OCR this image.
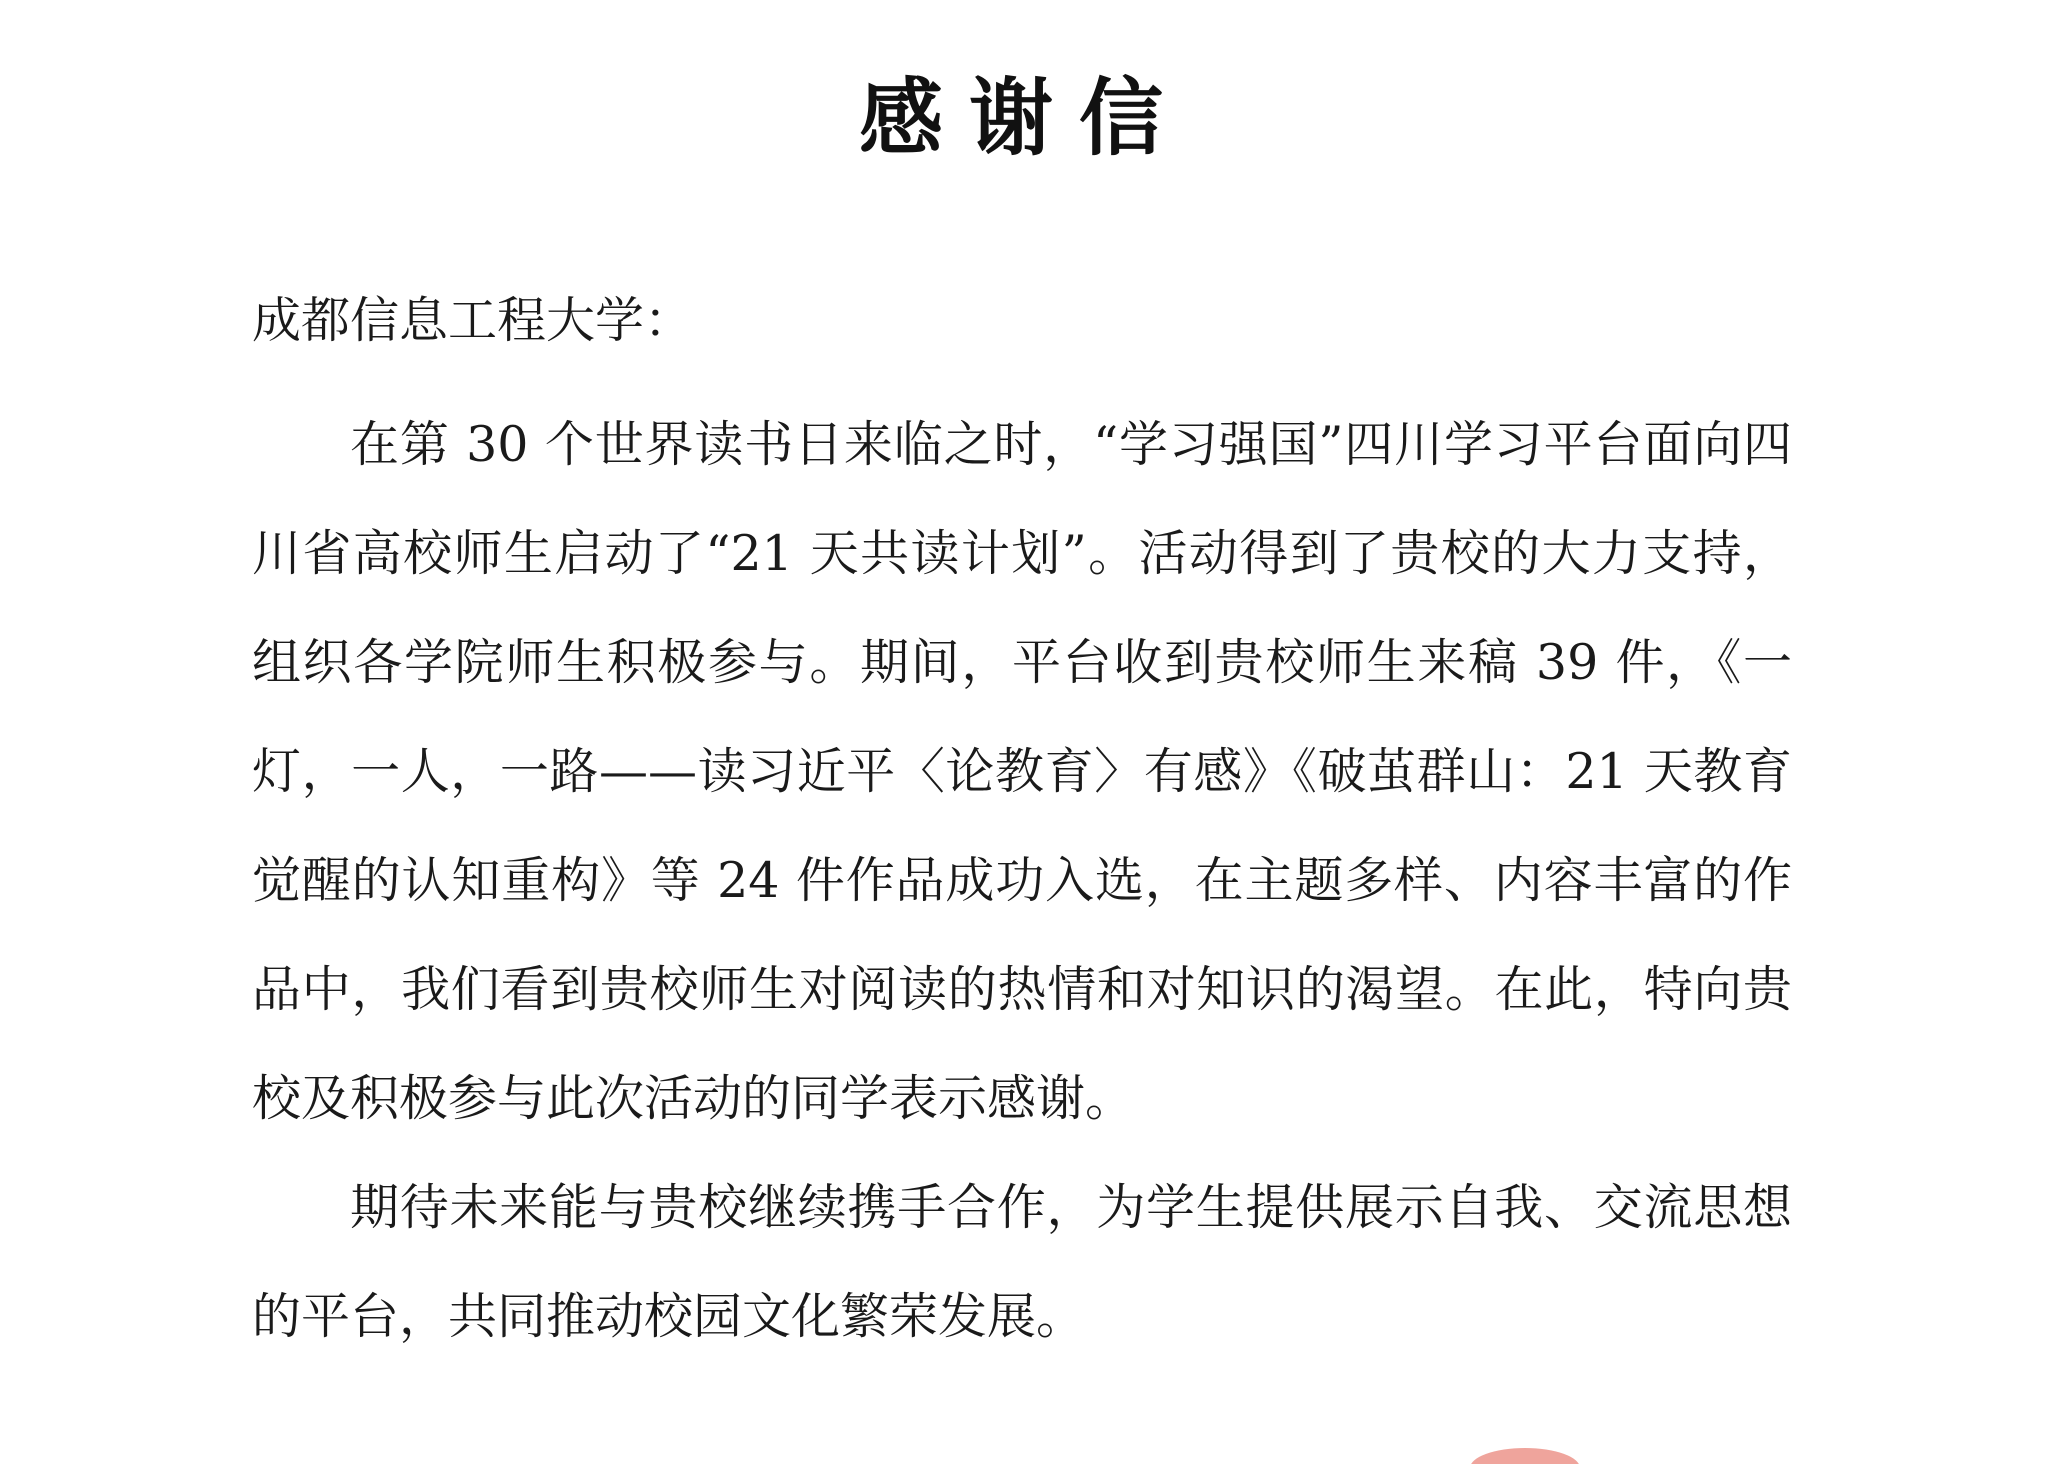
感谢信

成都信息工程大学：

在第 30 个世界读书日来临之时，“学习强国”四川学习平台面向四川省高校师生启动了“21 天共读计划”。活动得到了贵校的大力支持，组织各学院师生积极参与。期间，平台收到贵校师生来稿 39 件，《一灯，一人，一路——读习近平〈论教育〉有感》《破茧群山：21 天教育觉醒的认知重构》等 24 件作品成功入选，在主题多样、内容丰富的作品中，我们看到贵校师生对阅读的热情和对知识的渴望。在此，特向贵校及积极参与此次活动的同学表示感谢。

期待未来能与贵校继续携手合作，为学生提供展示自我、交流思想的平台，共同推动校园文化繁荣发展。
